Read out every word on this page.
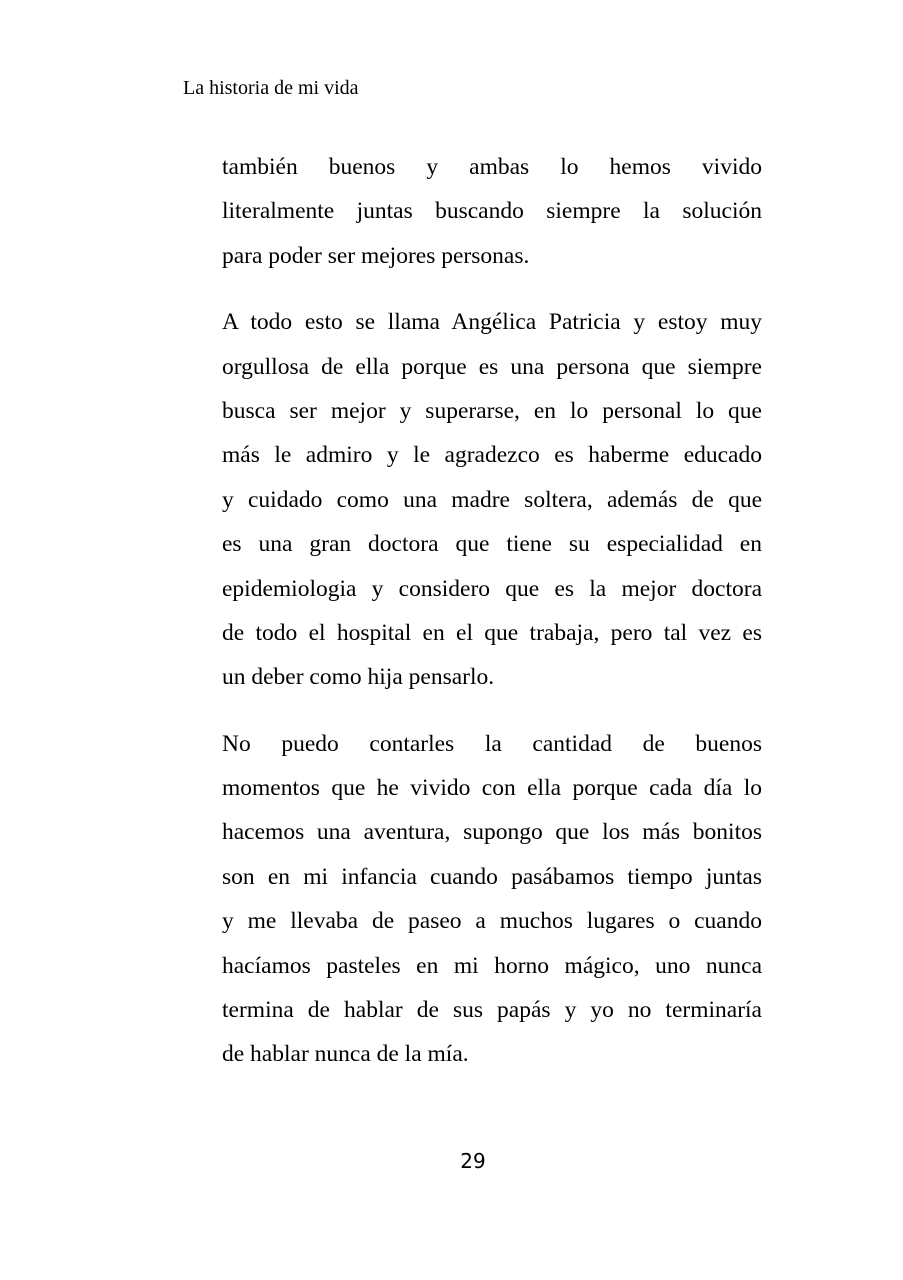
La historia de mi vida
también buenos y ambas lo hemos vivido
literalmente juntas buscando siempre la solución
para poder ser mejores personas.
A todo esto se llama Angélica Patricia y estoy muy
orgullosa de ella porque es una persona que siempre
busca ser mejor y superarse, en lo personal lo que
más le admiro y le agradezco es haberme educado
y cuidado como una madre soltera, además de que
es una gran doctora que tiene su especialidad en
epidemiologia y considero que es la mejor doctora
de todo el hospital en el que trabaja, pero tal vez es
un deber como hija pensarlo.
No puedo contarles la cantidad de buenos
momentos que he vivido con ella porque cada día lo
hacemos una aventura, supongo que los más bonitos
son en mi infancia cuando pasábamos tiempo juntas
y me llevaba de paseo a muchos lugares o cuando
hacíamos pasteles en mi horno mágico, uno nunca
termina de hablar de sus papás y yo no terminaría
de hablar nunca de la mía.
29
